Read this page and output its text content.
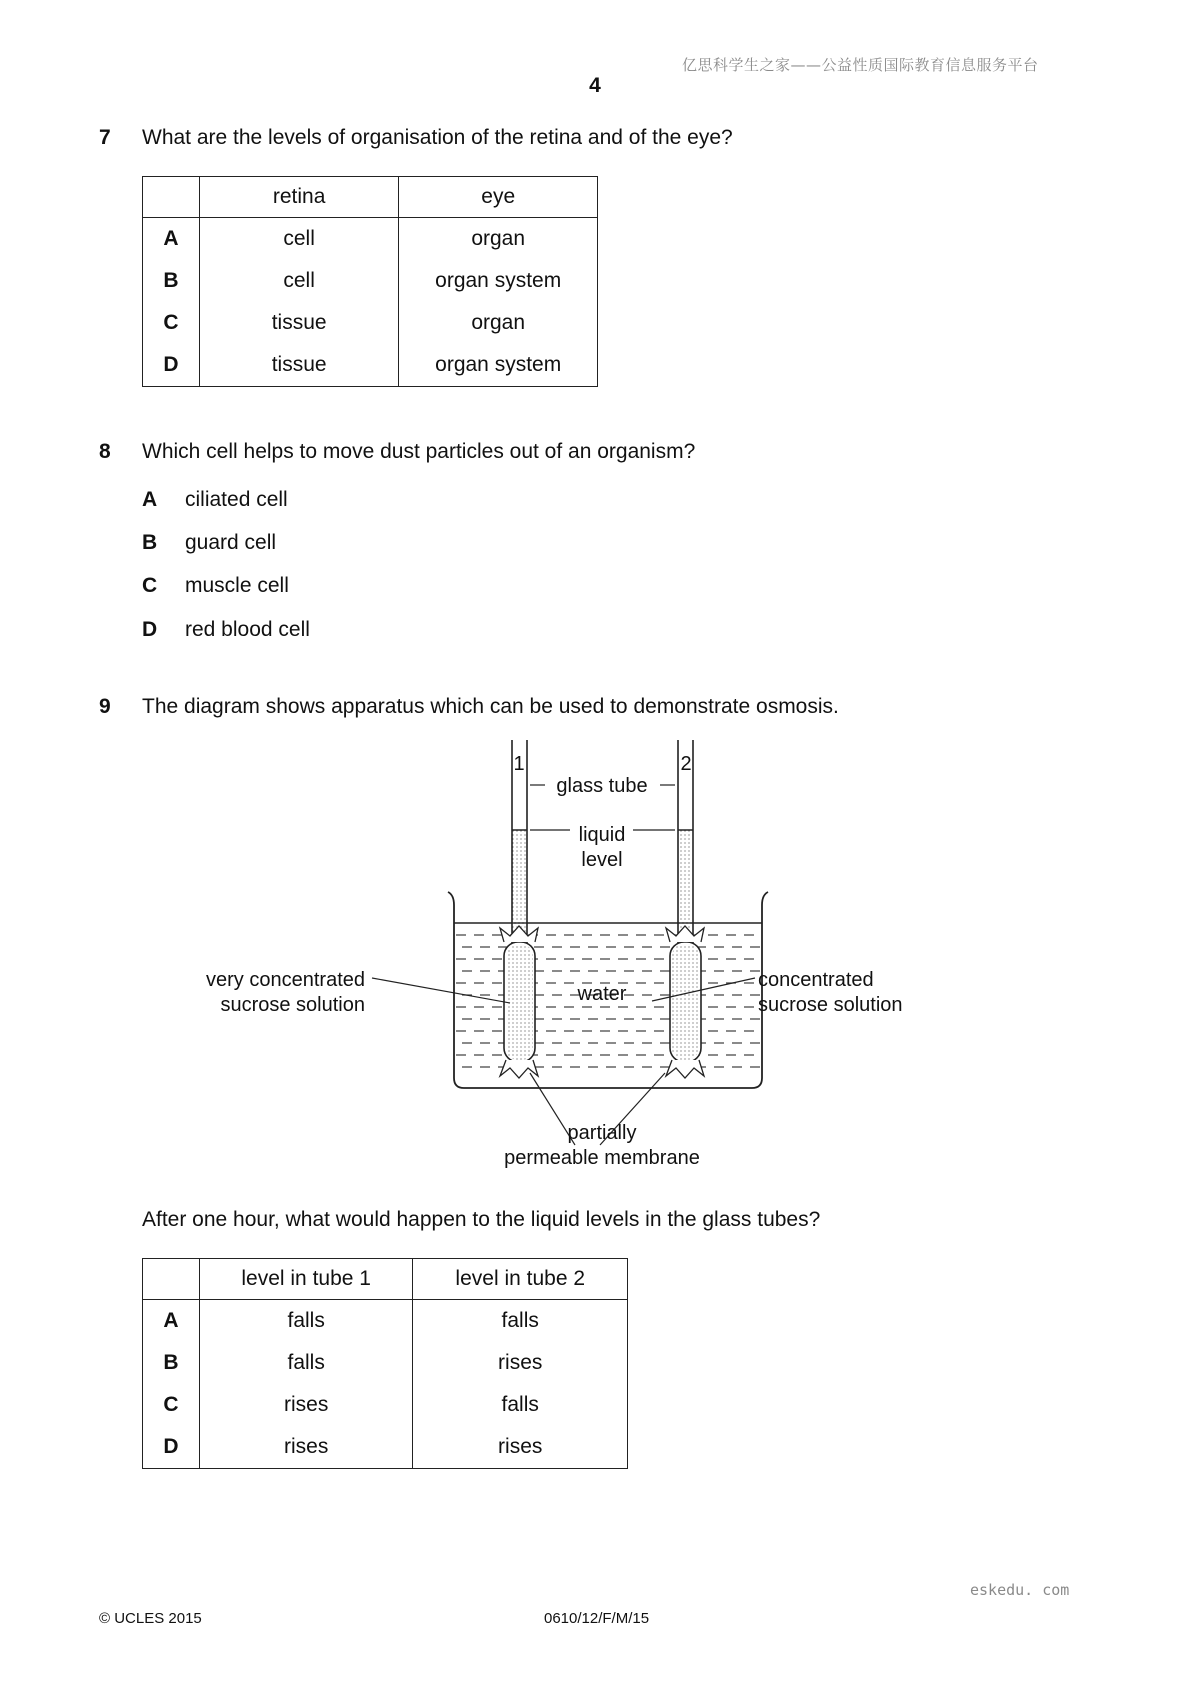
亿思科学生之家——公益性质国际教育信息服务平台
4
7 What are the levels of organisation of the retina and of the eye?
	retina	eye
A	cell	organ
B	cell	organ system
C	tissue	organ
D	tissue	organ system
8 Which cell helps to move dust particles out of an organism?
A ciliated cell
B guard cell
C muscle cell
D red blood cell
9 The diagram shows apparatus which can be used to demonstrate osmosis.
1	2
glass tube
liquid
level
very concentrated
sucrose solution	water
concentrated
sucrose solution
partially
permeable membrane
After one hour, what would happen to the liquid levels in the glass tubes?
	level in tube 1	level in tube 2
A	falls	falls
B	falls	rises
C	rises	falls
D	rises	rises
eskedu. com
© UCLES 2015	0610/12/F/M/15
